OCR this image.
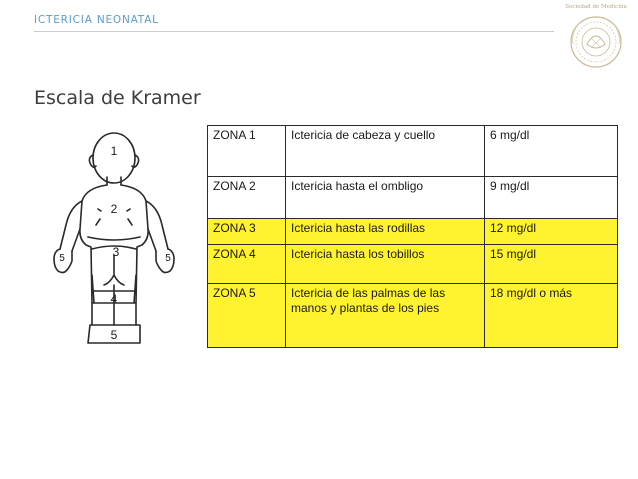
ICTERICIA NEONATAL
Sociedad de Medicina
Escala de Kramer
1
2
3
4
5
5	5
ZONA 1	Ictericia de cabeza y cuello	6 mg/dl
ZONA 2	Ictericia hasta el ombligo	9 mg/dl
ZONA 3	Ictericia hasta las rodillas	12 mg/dl
ZONA 4	Ictericia hasta los tobillos	15 mg/dl
ZONA 5	Ictericia de las palmas de las manos y plantas de los pies	18 mg/dl o más
